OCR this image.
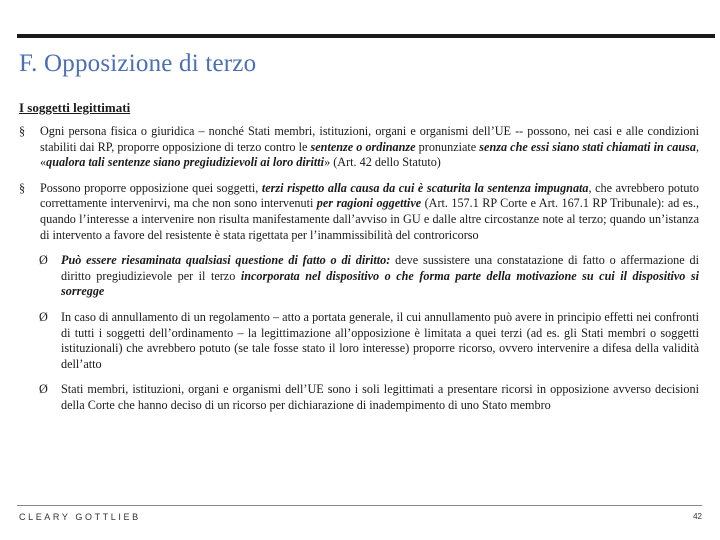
F. Opposizione di terzo
I soggetti legittimati
§ Ogni persona fisica o giuridica – nonché Stati membri, istituzioni, organi e organismi dell’UE -- possono, nei casi e alle condizioni stabiliti dai RP, proporre opposizione di terzo contro le sentenze o ordinanze pronunziate senza che essi siano stati chiamati in causa, «qualora tali sentenze siano pregiudizievoli ai loro diritti» (Art. 42 dello Statuto)
§ Possono proporre opposizione quei soggetti, terzi rispetto alla causa da cui è scaturita la sentenza impugnata, che avrebbero potuto correttamente intervenirvi, ma che non sono intervenuti per ragioni oggettive (Art. 157.1 RP Corte e Art. 167.1 RP Tribunale): ad es., quando l’interesse a intervenire non risulta manifestamente dall’avviso in GU e dalle altre circostanze note al terzo; quando un’istanza di intervento a favore del resistente è stata rigettata per l’inammissibilità del controricorso
Ø Può essere riesaminata qualsiasi questione di fatto o di diritto: deve sussistere una constatazione di fatto o affermazione di diritto pregiudizievole per il terzo incorporata nel dispositivo o che forma parte della motivazione su cui il dispositivo si sorregge
Ø In caso di annullamento di un regolamento – atto a portata generale, il cui annullamento può avere in principio effetti nei confronti di tutti i soggetti dell’ordinamento – la legittimazione all’opposizione è limitata a quei terzi (ad es. gli Stati membri o soggetti istituzionali) che avrebbero potuto (se tale fosse stato il loro interesse) proporre ricorso, ovvero intervenire a difesa della validità dell’atto
Ø Stati membri, istituzioni, organi e organismi dell’UE sono i soli legittimati a presentare ricorsi in opposizione avverso decisioni della Corte che hanno deciso di un ricorso per dichiarazione di inadempimento di uno Stato membro
CLEARY GOTTLIEB	42
